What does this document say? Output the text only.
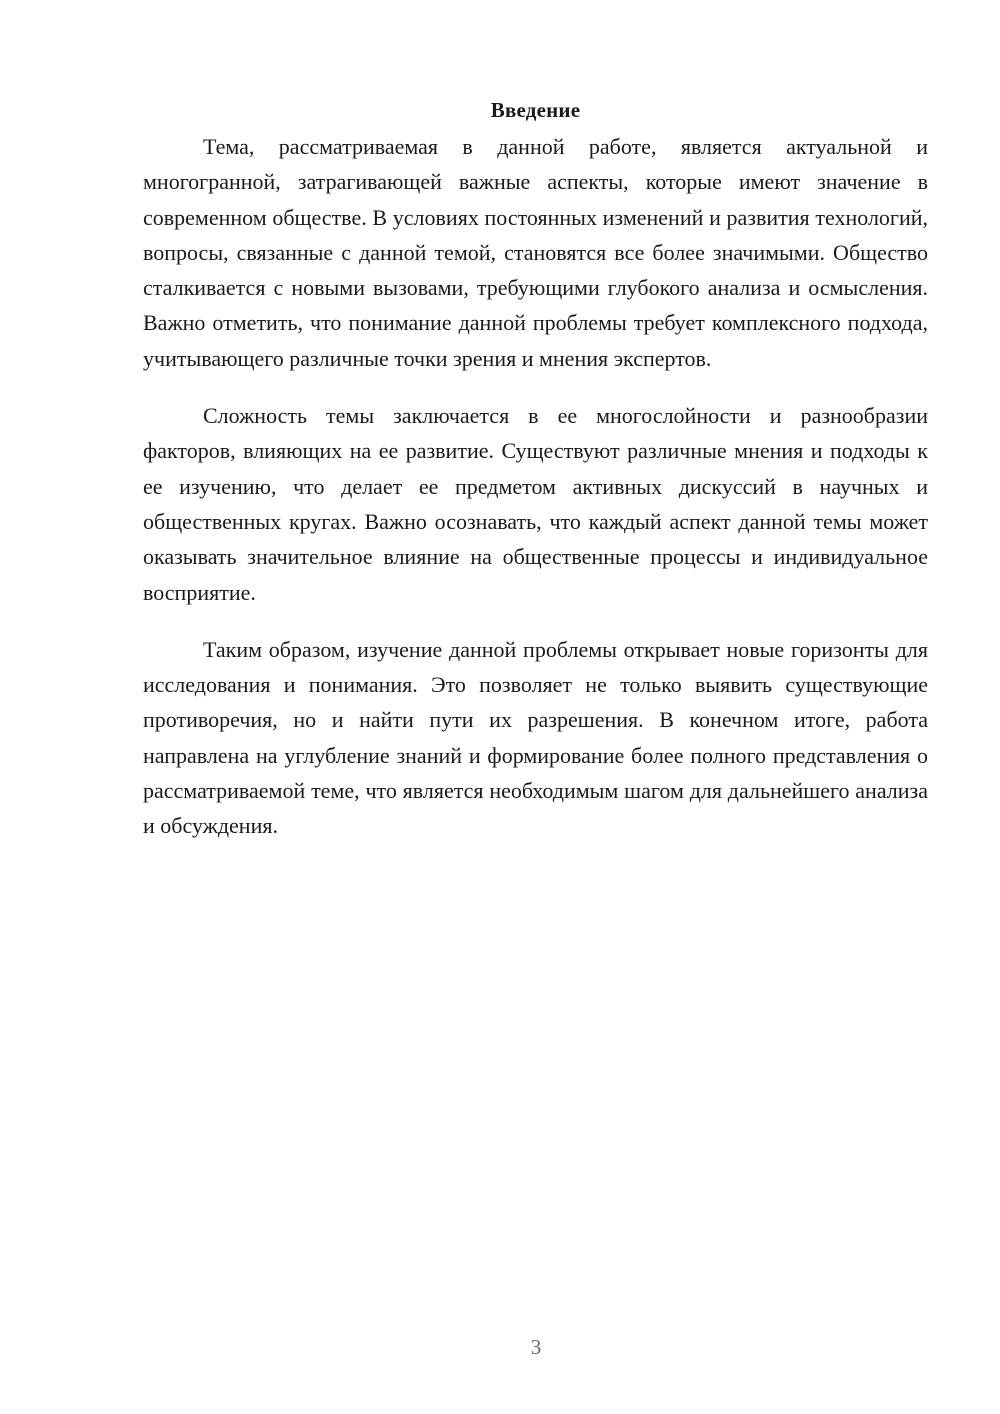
Введение

Тема, рассматриваемая в данной работе, является актуальной и многогранной, затрагивающей важные аспекты, которые имеют значение в современном обществе. В условиях постоянных изменений и развития технологий, вопросы, связанные с данной темой, становятся все более значимыми. Общество сталкивается с новыми вызовами, требующими глубокого анализа и осмысления. Важно отметить, что понимание данной проблемы требует комплексного подхода, учитывающего различные точки зрения и мнения экспертов.

Сложность темы заключается в ее многослойности и разнообразии факторов, влияющих на ее развитие. Существуют различные мнения и подходы к ее изучению, что делает ее предметом активных дискуссий в научных и общественных кругах. Важно осознавать, что каждый аспект данной темы может оказывать значительное влияние на общественные процессы и индивидуальное восприятие.

Таким образом, изучение данной проблемы открывает новые горизонты для исследования и понимания. Это позволяет не только выявить существующие противоречия, но и найти пути их разрешения. В конечном итоге, работа направлена на углубление знаний и формирование более полного представления о рассматриваемой теме, что является необходимым шагом для дальнейшего анализа и обсуждения.

3
